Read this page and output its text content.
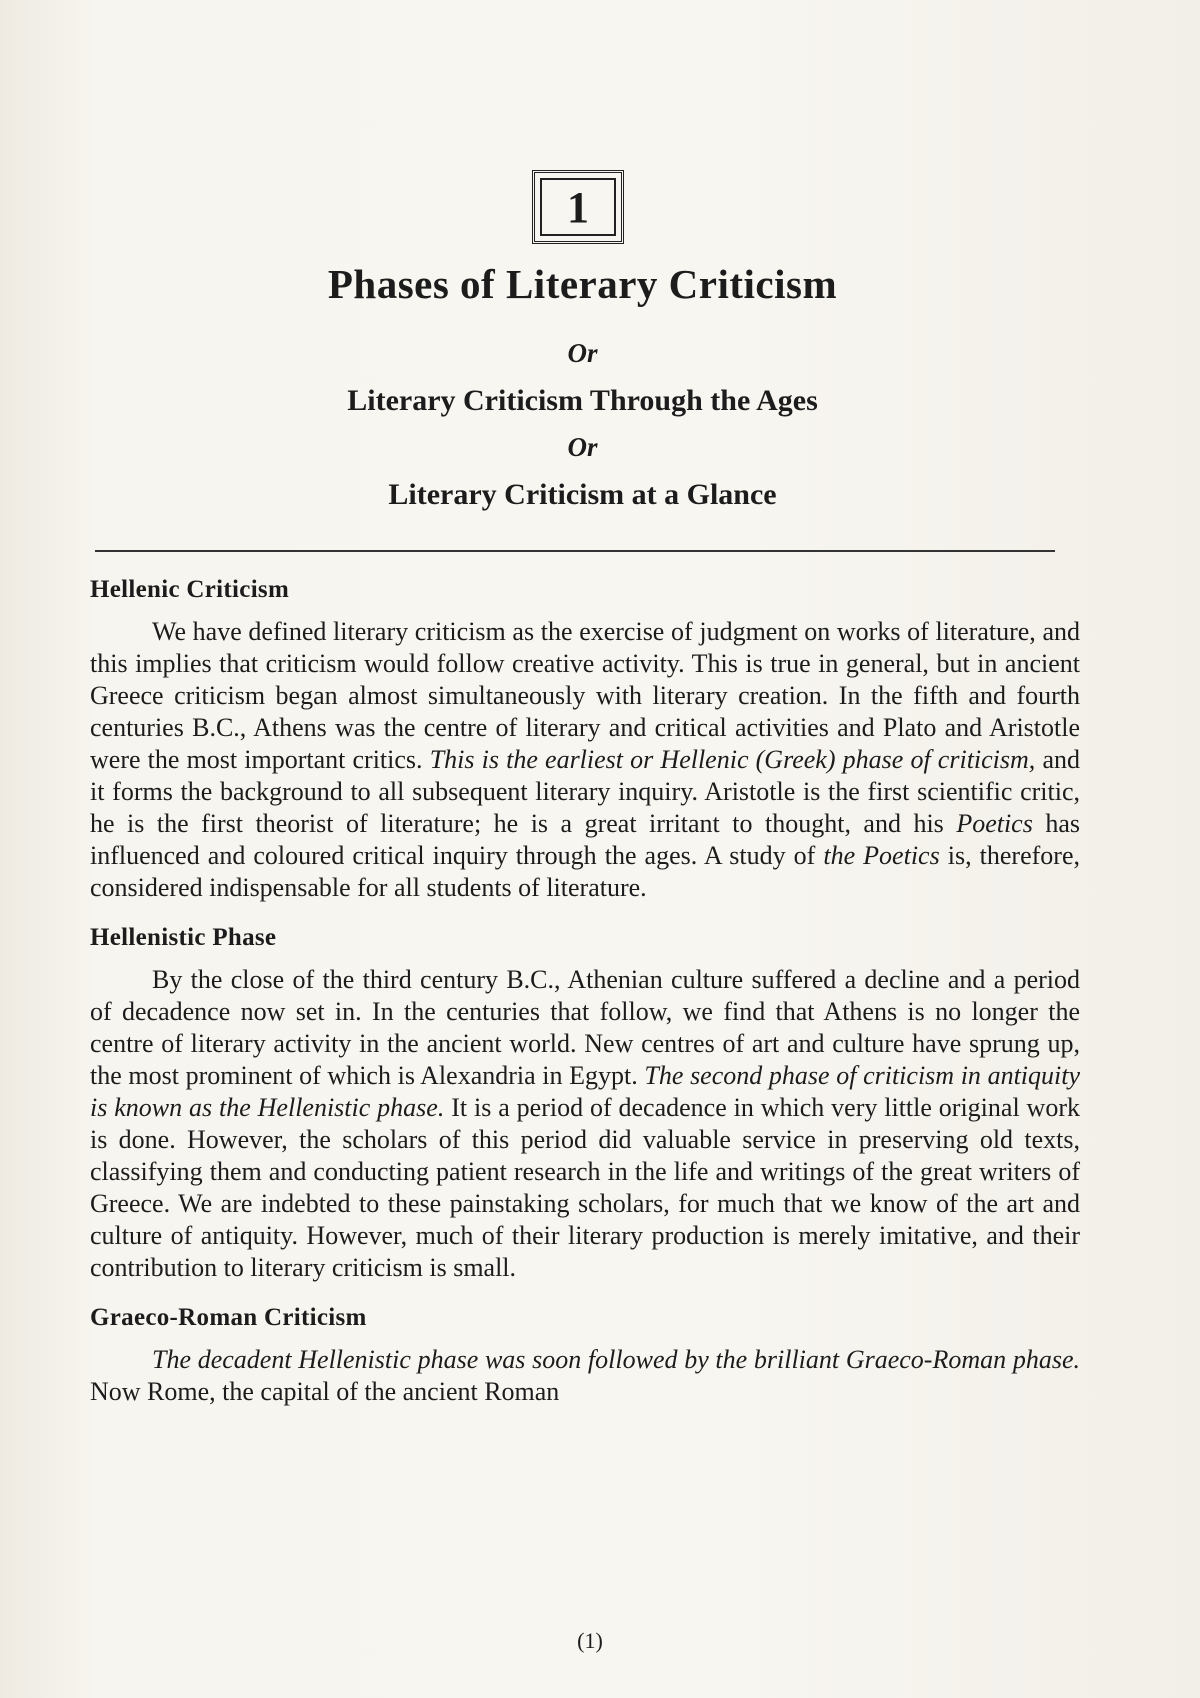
1
Phases of Literary Criticism
Or
Literary Criticism Through the Ages
Or
Literary Criticism at a Glance
Hellenic Criticism

We have defined literary criticism as the exercise of judgment on works of literature, and this implies that criticism would follow creative activity. This is true in general, but in ancient Greece criticism began almost simultaneously with literary creation. In the fifth and fourth centuries B.C., Athens was the centre of literary and critical activities and Plato and Aristotle were the most important critics. This is the earliest or Hellenic (Greek) phase of criticism, and it forms the background to all subsequent literary inquiry. Aristotle is the first scientific critic, he is the first theorist of literature; he is a great irritant to thought, and his Poetics has influenced and coloured critical inquiry through the ages. A study of the Poetics is, therefore, considered indispensable for all students of literature.

Hellenistic Phase

By the close of the third century B.C., Athenian culture suffered a decline and a period of decadence now set in. In the centuries that follow, we find that Athens is no longer the centre of literary activity in the ancient world. New centres of art and culture have sprung up, the most prominent of which is Alexandria in Egypt. The second phase of criticism in antiquity is known as the Hellenistic phase. It is a period of decadence in which very little original work is done. However, the scholars of this period did valuable service in preserving old texts, classifying them and conducting patient research in the life and writings of the great writers of Greece. We are indebted to these painstaking scholars, for much that we know of the art and culture of antiquity. However, much of their literary production is merely imitative, and their contribution to literary criticism is small.

Graeco-Roman Criticism

The decadent Hellenistic phase was soon followed by the brilliant Graeco-Roman phase. Now Rome, the capital of the ancient Roman

(1)
